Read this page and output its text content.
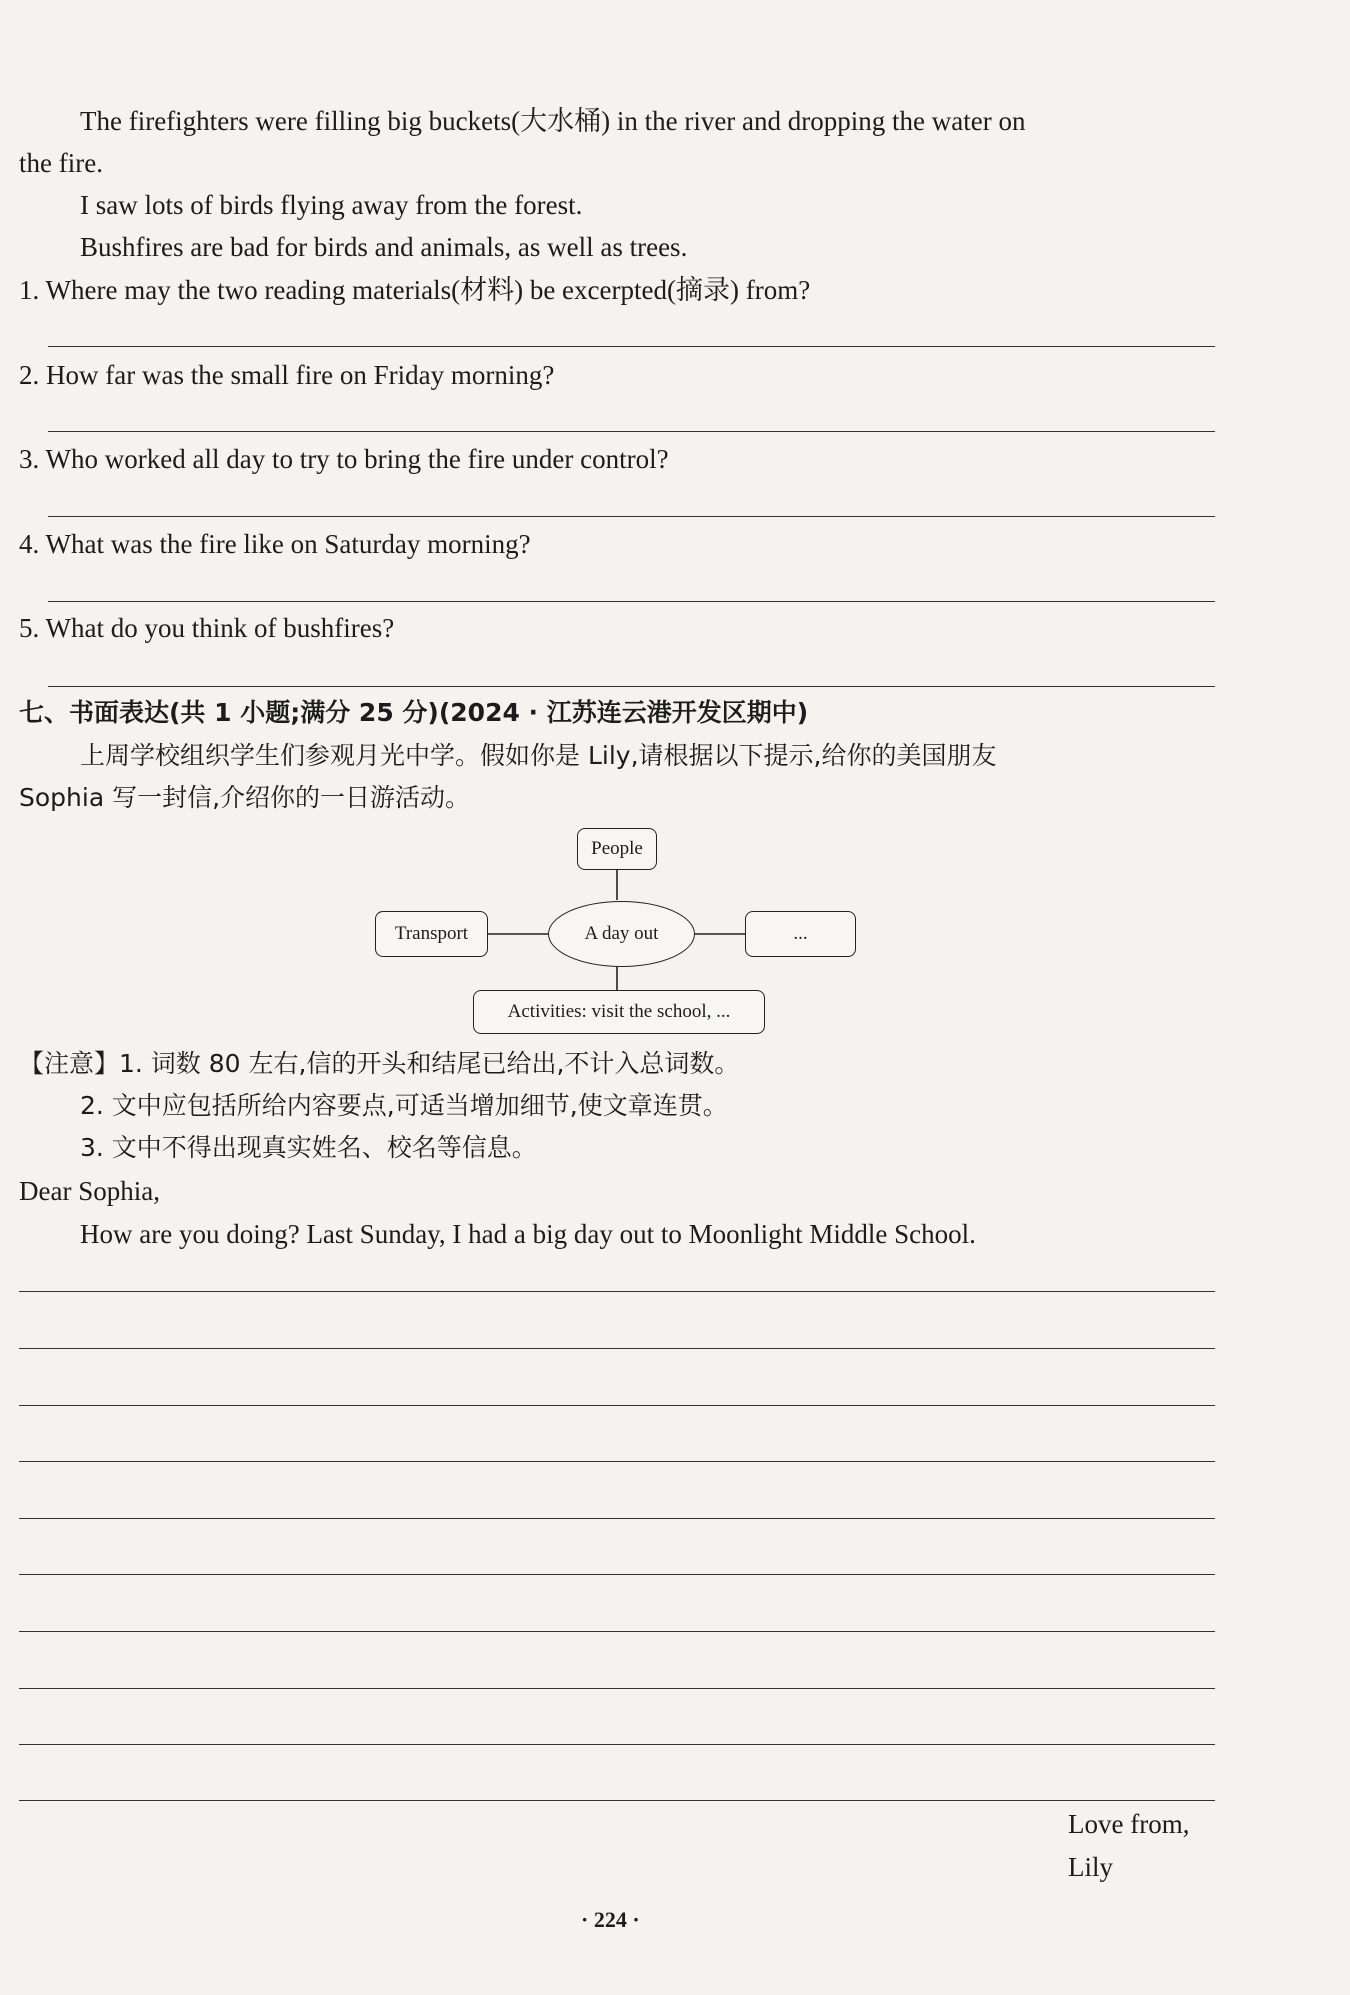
The firefighters were filling big buckets(大水桶) in the river and dropping the water on
the fire.
I saw lots of birds flying away from the forest.
Bushfires are bad for birds and animals, as well as trees.
1. Where may the two reading materials(材料) be excerpted(摘录) from?
2. How far was the small fire on Friday morning?
3. Who worked all day to try to bring the fire under control?
4. What was the fire like on Saturday morning?
5. What do you think of bushfires?
七、书面表达(共 1 小题;满分 25 分)(2024 · 江苏连云港开发区期中)
上周学校组织学生们参观月光中学。假如你是 Lily,请根据以下提示,给你的美国朋友
Sophia 写一封信,介绍你的一日游活动。
People
Transport	A day out	...
Activities: visit the school, ...
【注意】1. 词数 80 左右,信的开头和结尾已给出,不计入总词数。
2. 文中应包括所给内容要点,可适当增加细节,使文章连贯。
3. 文中不得出现真实姓名、校名等信息。
Dear Sophia,
How are you doing? Last Sunday, I had a big day out to Moonlight Middle School.
Love from,
Lily
· 224 ·
